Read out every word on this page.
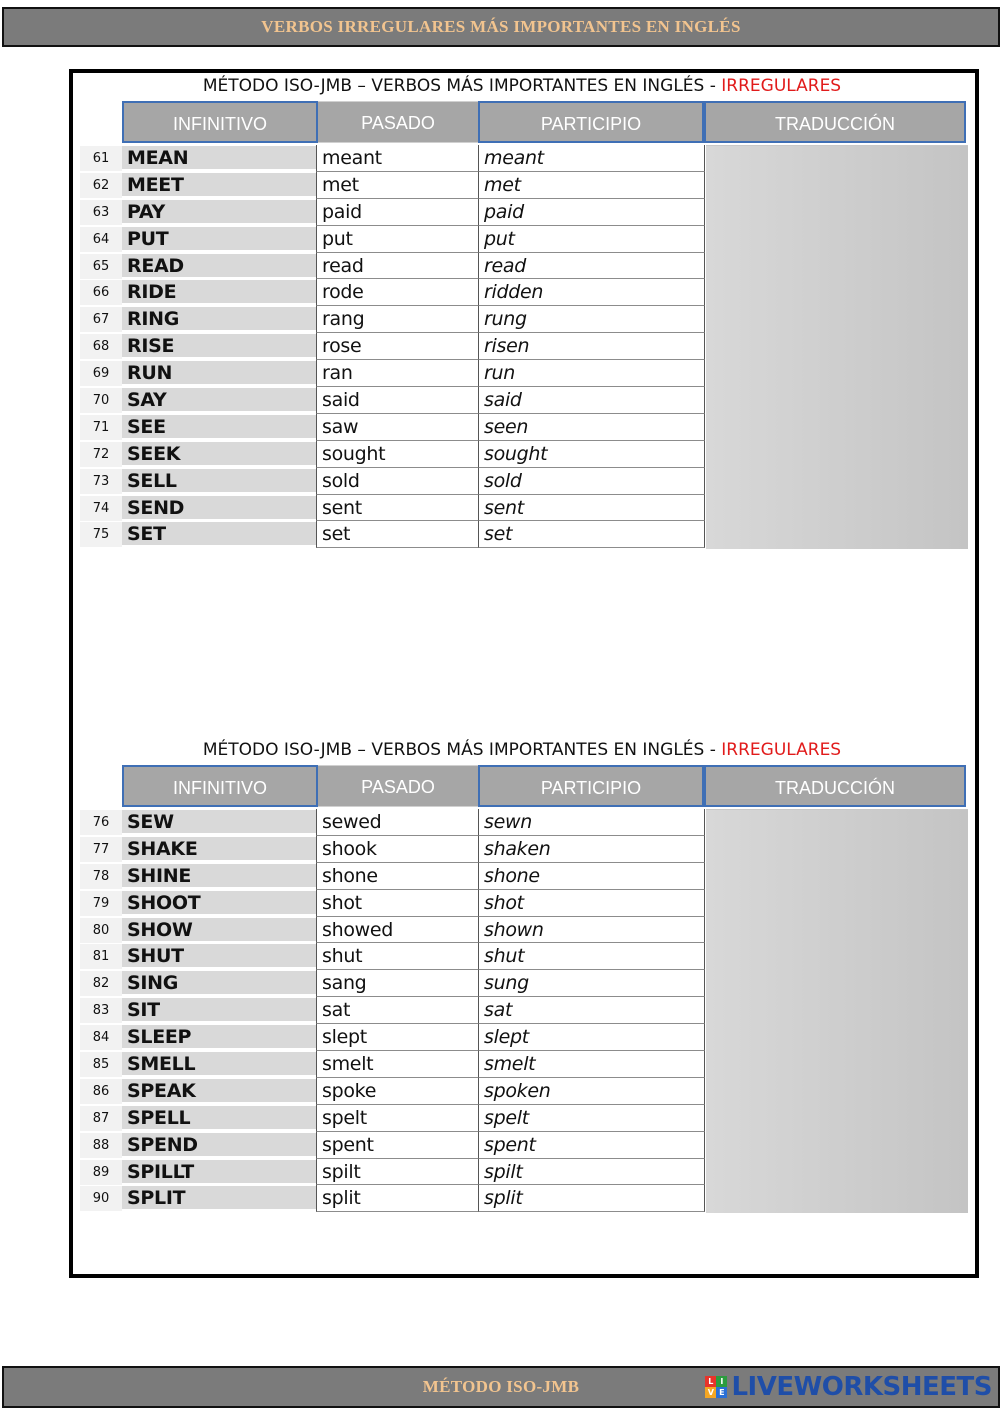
VERBOS IRREGULARES MÁS IMPORTANTES EN INGLÉS
MÉTODO ISO-JMB – VERBOS MÁS IMPORTANTES EN INGLÉS - IRREGULARES
INFINITIVO	PASADO	PARTICIPIO	TRADUCCIÓN
61 MEAN	meant	meant
62 MEET	met	met
63 PAY	paid	paid
64 PUT	put	put
65 READ	read	read
66 RIDE	rode	ridden
67 RING	rang	rung
68 RISE	rose	risen
69 RUN	ran	run
70 SAY	said	said
71 SEE	saw	seen
72 SEEK	sought	sought
73 SELL	sold	sold
74 SEND	sent	sent
75 SET	set	set
MÉTODO ISO-JMB – VERBOS MÁS IMPORTANTES EN INGLÉS - IRREGULARES
INFINITIVO	PASADO	PARTICIPIO	TRADUCCIÓN
76 SEW	sewed	sewn
77 SHAKE	shook	shaken
78 SHINE	shone	shone
79 SHOOT	shot	shot
80 SHOW	showed	shown
81 SHUT	shut	shut
82 SING	sang	sung
83 SIT	sat	sat
84 SLEEP	slept	slept
85 SMELL	smelt	smelt
86 SPEAK	spoke	spoken
87 SPELL	spelt	spelt
88 SPEND	spent	spent
89 SPILLT	spilt	spilt
90 SPLIT	split	split
MÉTODO ISO-JMB	L I
V E LIVEWORKSHEETS
